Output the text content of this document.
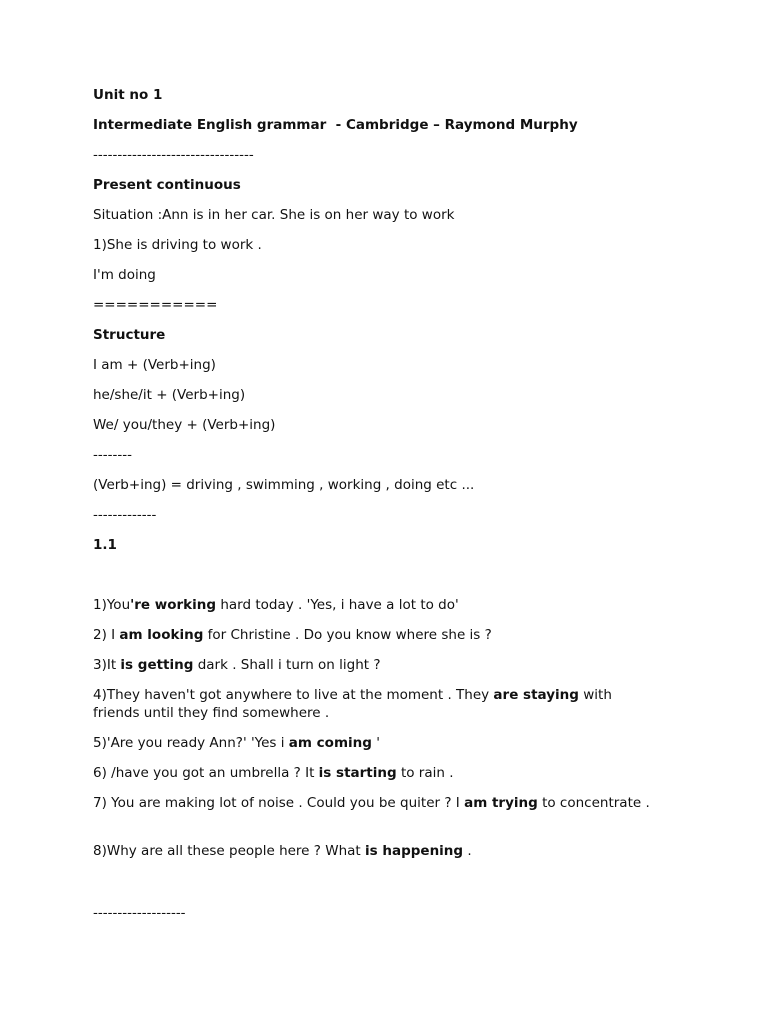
Unit no 1

Intermediate English grammar  - Cambridge – Raymond Murphy

---------------------------------

Present continuous

Situation :Ann is in her car. She is on her way to work

1)She is driving to work .

I'm doing

===========

Structure

I am + (Verb+ing)

he/she/it + (Verb+ing)

We/ you/they + (Verb+ing)

--------

(Verb+ing) = driving , swimming , working , doing etc ...

-------------

1.1

1)You're working hard today . 'Yes, i have a lot to do'

2) I am looking for Christine . Do you know where she is ?

3)It is getting dark . Shall i turn on light ?

4)They haven't got anywhere to live at the moment . They are staying with friends until they find somewhere .

5)'Are you ready Ann?' 'Yes i am coming '

6) /have you got an umbrella ? It is starting to rain .

7) You are making lot of noise . Could you be quiter ? I am trying to concentrate .

8)Why are all these people here ? What is happening .

-------------------
